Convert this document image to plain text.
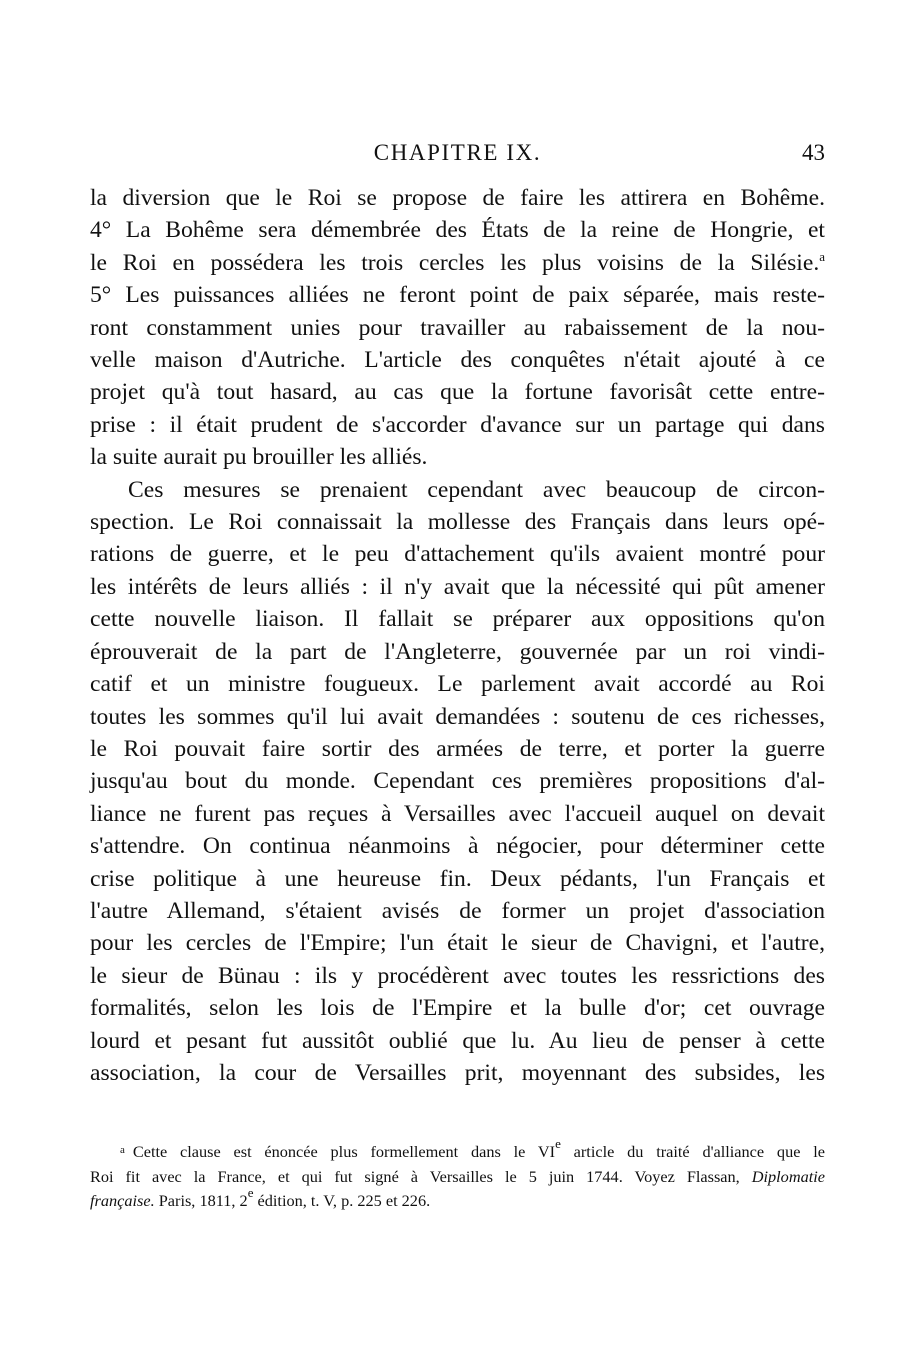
CHAPITRE IX.	43

la diversion que le Roi se propose de faire les attirera en Bohême.
4° La Bohême sera démembrée des États de la reine de Hongrie, et
le Roi en possédera les trois cercles les plus voisins de la Silésie.$^a$
5° Les puissances alliées ne feront point de paix séparée, mais reste-
ront constamment unies pour travailler au rabaissement de la nou-
velle maison d'Autriche. L'article des conquêtes n'était ajouté à ce
projet qu'à tout hasard, au cas que la fortune favorisât cette entre-
prise : il était prudent de s'accorder d'avance sur un partage qui dans
la suite aurait pu brouiller les alliés.

Ces mesures se prenaient cependant avec beaucoup de circon-
spection. Le Roi connaissait la mollesse des Français dans leurs opé-
rations de guerre, et le peu d'attachement qu'ils avaient montré pour
les intérêts de leurs alliés : il n'y avait que la nécessité qui pût amener
cette nouvelle liaison. Il fallait se préparer aux oppositions qu'on
éprouverait de la part de l'Angleterre, gouvernée par un roi vindi-
catif et un ministre fougueux. Le parlement avait accordé au Roi
toutes les sommes qu'il lui avait demandées : soutenu de ces richesses,
le Roi pouvait faire sortir des armées de terre, et porter la guerre
jusqu'au bout du monde. Cependant ces premières propositions d'al-
liance ne furent pas reçues à Versailles avec l'accueil auquel on devait
s'attendre. On continua néanmoins à négocier, pour déterminer cette
crise politique à une heureuse fin. Deux pédants, l'un Français et
l'autre Allemand, s'étaient avisés de former un projet d'association
pour les cercles de l'Empire; l'un était le sieur de Chavigni, et l'autre,
le sieur de Bünau : ils y procédèrent avec toutes les ressrictions des
formalités, selon les lois de l'Empire et la bulle d'or; cet ouvrage
lourd et pesant fut aussitôt oublié que lu. Au lieu de penser à cette
association, la cour de Versailles prit, moyennant des subsides, les

$^a$ Cette clause est énoncée plus formellement dans le VIe article du traité d'alliance que le
Roi fit avec la France, et qui fut signé à Versailles le 5 juin 1744. Voyez Flassan, Diplomatie
française. Paris, 1811, 2e édition, t. V, p. 225 et 226.
